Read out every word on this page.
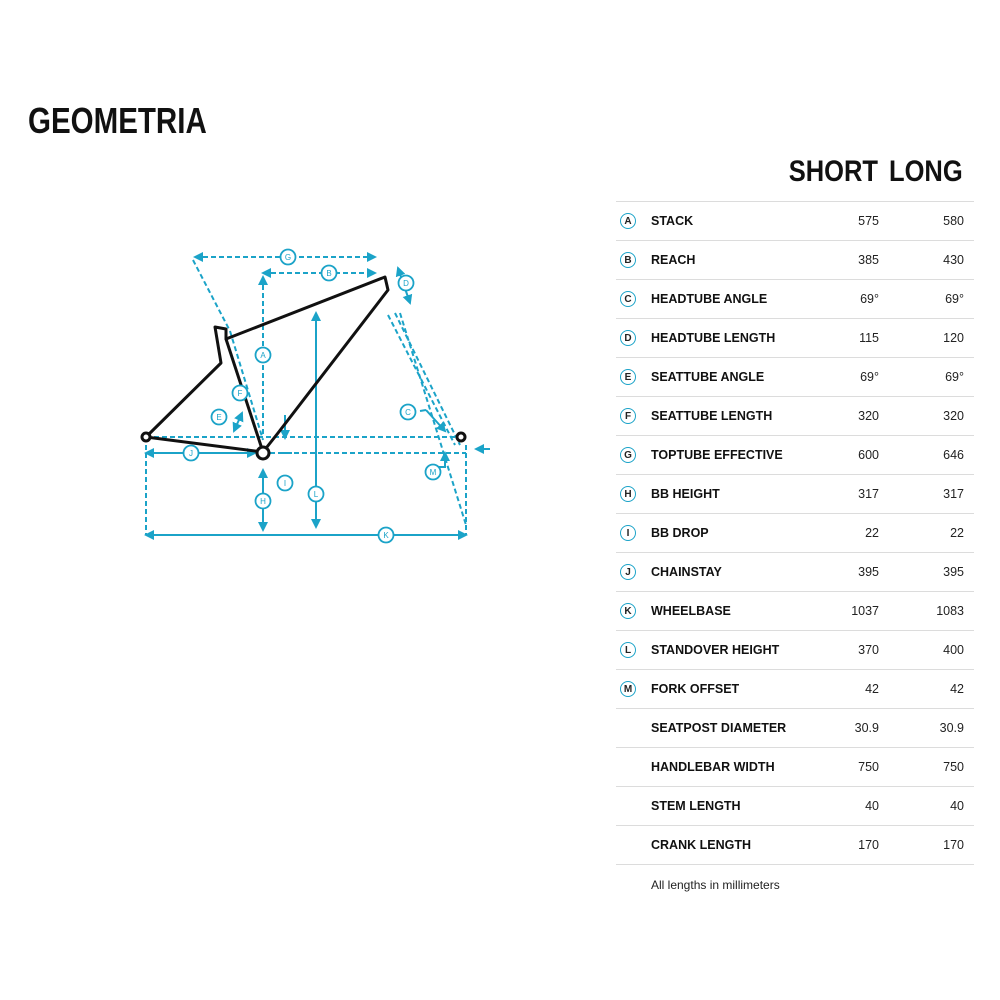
GEOMETRIA
G
B
D
A
F
E
C
J
I
M
H
L
K
SHORT LONG
A	STACK	575	580
B	REACH	385	430
C	HEADTUBE ANGLE	69°	69°
D	HEADTUBE LENGTH	115	120
E	SEATTUBE ANGLE	69°	69°
F	SEATTUBE LENGTH	320	320
G	TOPTUBE EFFECTIVE	600	646
H	BB HEIGHT	317	317
I	BB DROP	22	22
J	CHAINSTAY	395	395
K	WHEELBASE	1037	1083
L	STANDOVER HEIGHT	370	400
M	FORK OFFSET	42	42
SEATPOST DIAMETER	30.9	30.9
HANDLEBAR WIDTH	750	750
STEM LENGTH	40	40
CRANK LENGTH	170	170
All lengths in millimeters
